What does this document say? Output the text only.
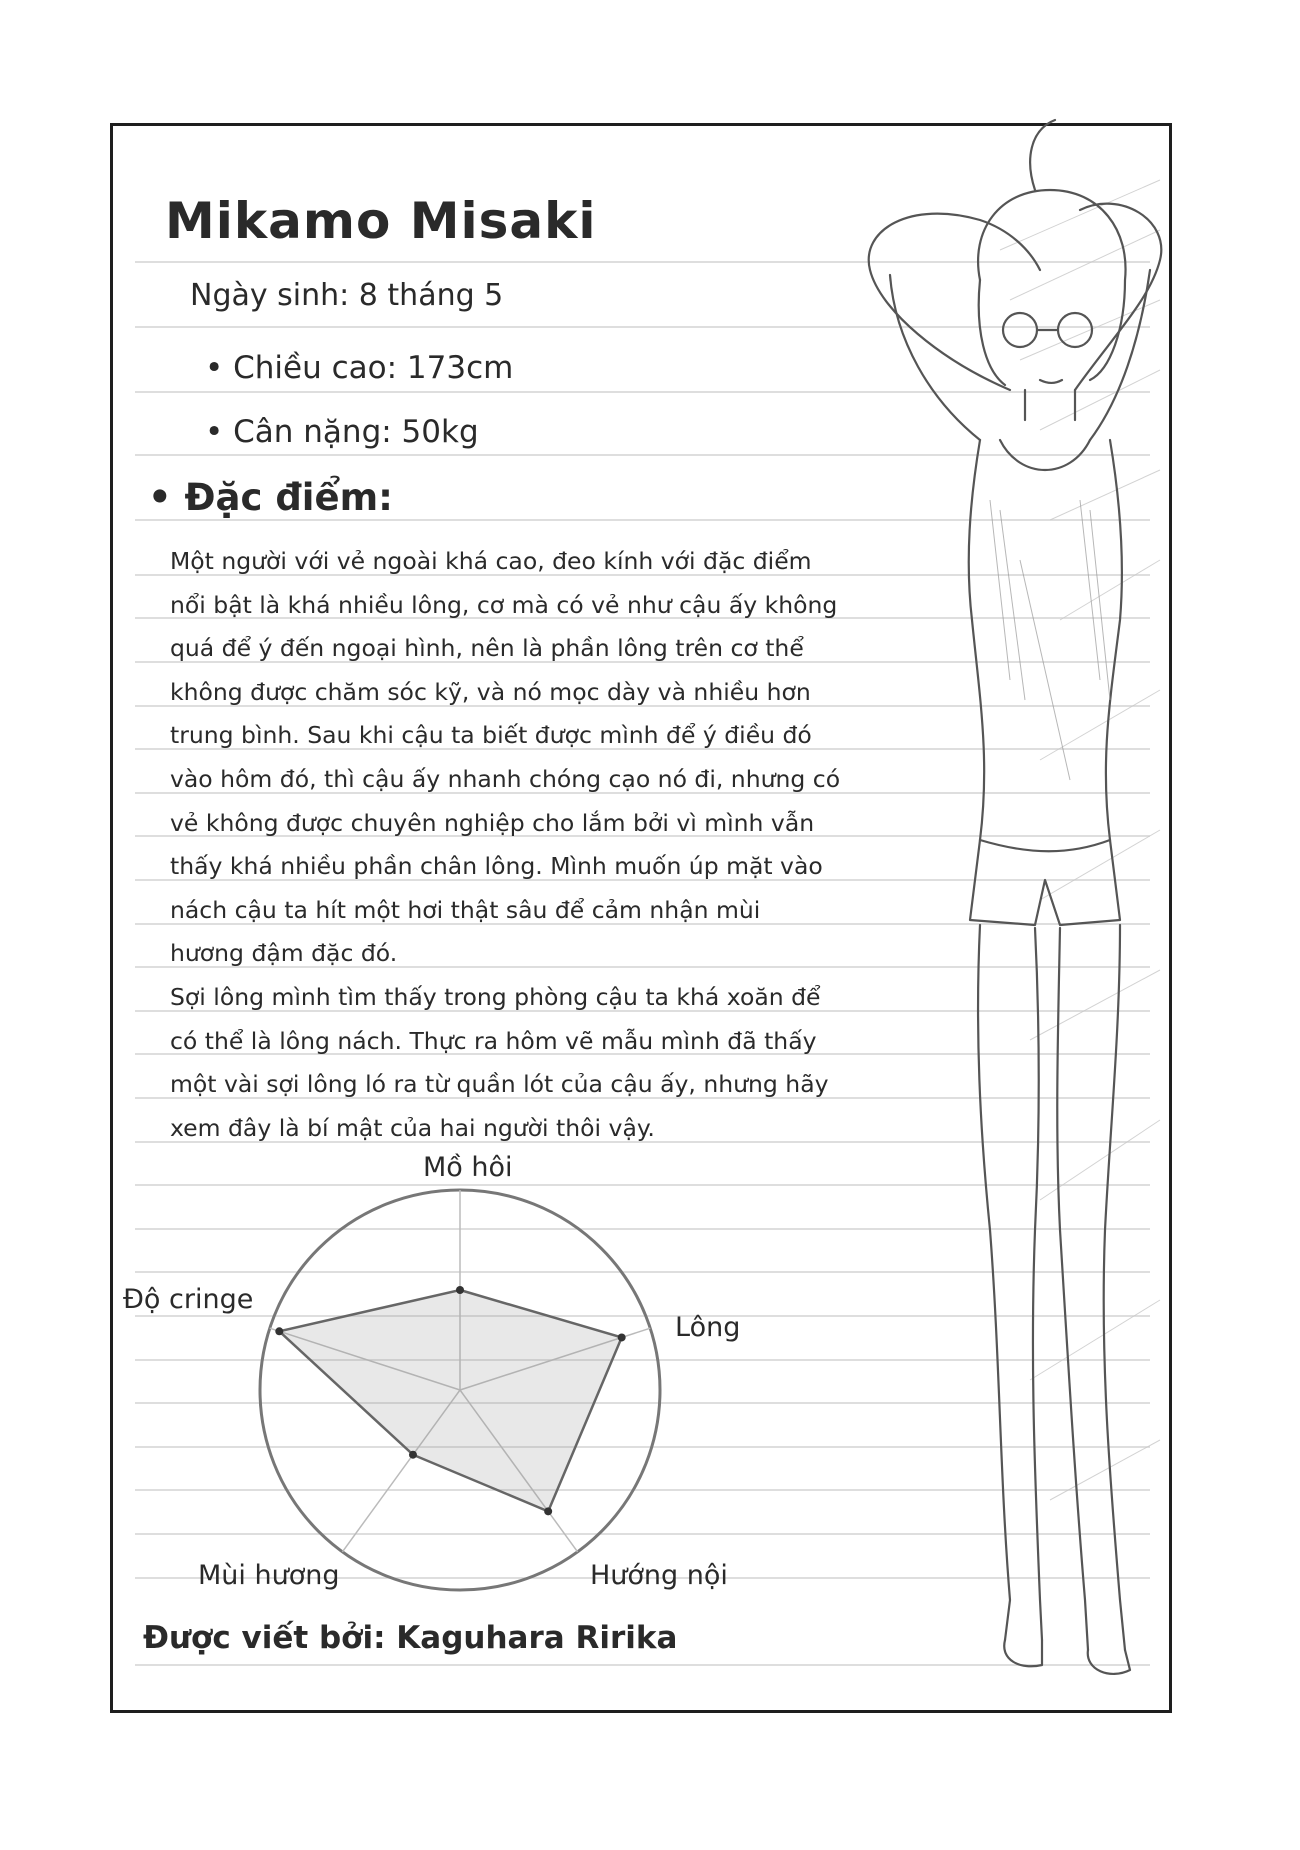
Mikamo Misaki
Ngày sinh: 8 tháng 5
• Chiều cao: 173cm
• Cân nặng: 50kg
• Đặc điểm:
Một người với vẻ ngoài khá cao, đeo kính với đặc điểm
nổi bật là khá nhiều lông, cơ mà có vẻ như cậu ấy không
quá để ý đến ngoại hình, nên là phần lông trên cơ thể
không được chăm sóc kỹ, và nó mọc dày và nhiều hơn
trung bình. Sau khi cậu ta biết được mình để ý điều đó
vào hôm đó, thì cậu ấy nhanh chóng cạo nó đi, nhưng có
vẻ không được chuyên nghiệp cho lắm bởi vì mình vẫn
thấy khá nhiều phần chân lông. Mình muốn úp mặt vào
nách cậu ta hít một hơi thật sâu để cảm nhận mùi
hương đậm đặc đó.
Sợi lông mình tìm thấy trong phòng cậu ta khá xoăn để
có thể là lông nách. Thực ra hôm vẽ mẫu mình đã thấy
một vài sợi lông ló ra từ quần lót của cậu ấy, nhưng hãy
xem đây là bí mật của hai người thôi vậy.
Mồ hôi
Lông
Hướng nội
Mùi hương
Độ cringe
Được viết bởi: Kaguhara Ririka
